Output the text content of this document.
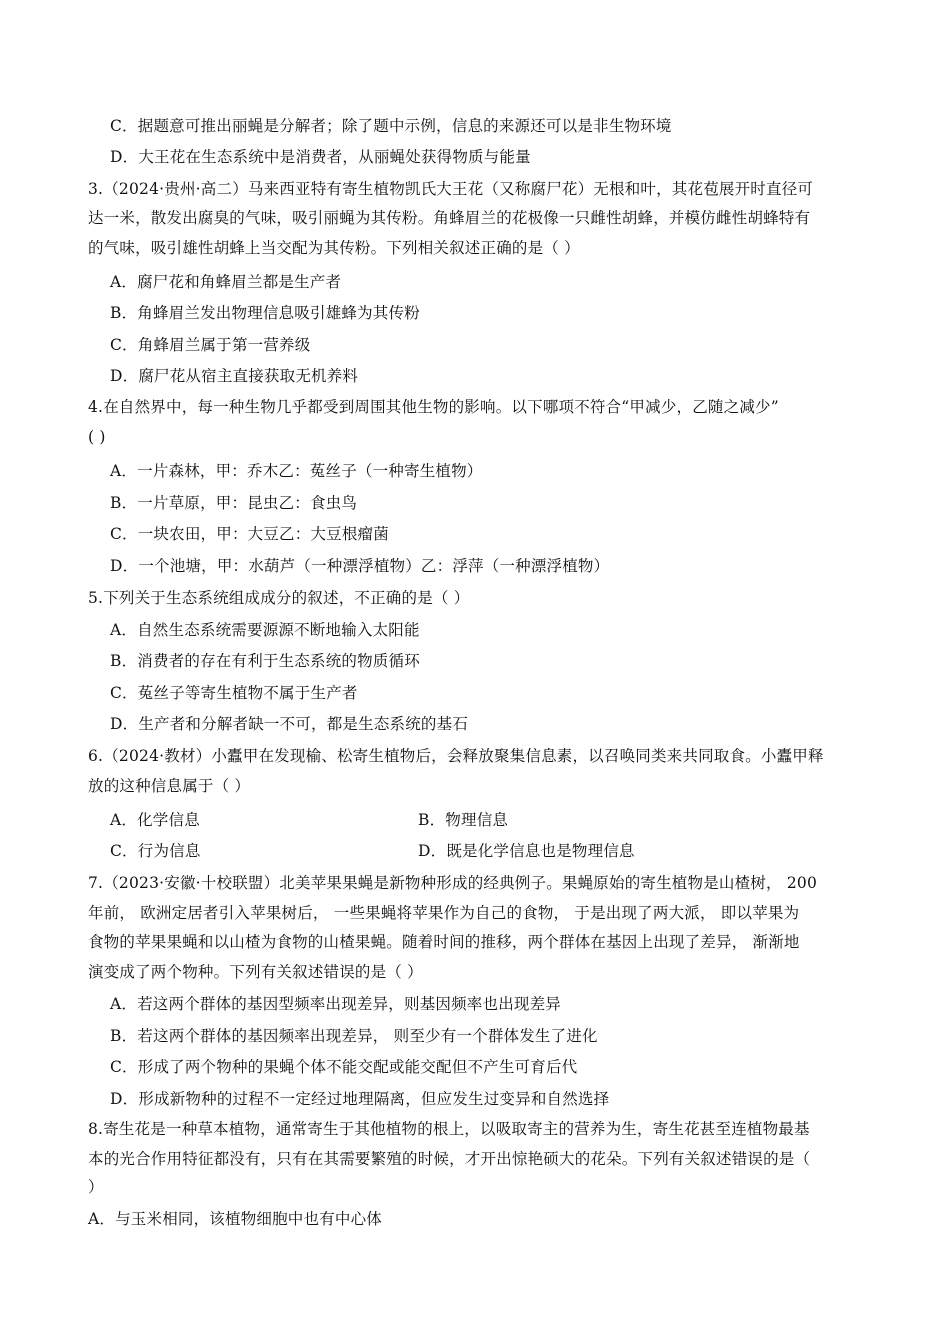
C．据题意可推出丽蝇是分解者；除了题中示例，信息的来源还可以是非生物环境
D．大王花在生态系统中是消费者，从丽蝇处获得物质与能量
3.（2024·贵州·高二）马来西亚特有寄生植物凯氏大王花（又称腐尸花）无根和叶，其花苞展开时直径可
达一米，散发出腐臭的气味，吸引丽蝇为其传粉。角蜂眉兰的花极像一只雌性胡蜂，并模仿雌性胡蜂特有
的气味，吸引雄性胡蜂上当交配为其传粉。下列相关叙述正确的是（ ）
A．腐尸花和角蜂眉兰都是生产者
B．角蜂眉兰发出物理信息吸引雄蜂为其传粉
C．角蜂眉兰属于第一营养级
D．腐尸花从宿主直接获取无机养料
4.在自然界中，每一种生物几乎都受到周围其他生物的影响。以下哪项不符合“甲减少，乙随之减少”
( )
A．一片森林，甲：乔木乙：菟丝子（一种寄生植物）
B．一片草原，甲：昆虫乙：食虫鸟
C．一块农田，甲：大豆乙：大豆根瘤菌
D．一个池塘，甲：水葫芦（一种漂浮植物）乙：浮萍（一种漂浮植物）
5.下列关于生态系统组成成分的叙述，不正确的是（ ）
A．自然生态系统需要源源不断地输入太阳能
B．消费者的存在有利于生态系统的物质循环
C．菟丝子等寄生植物不属于生产者
D．生产者和分解者缺一不可，都是生态系统的基石
6.（2024·教材）小蠹甲在发现榆、松寄生植物后，会释放聚集信息素，以召唤同类来共同取食。小蠹甲释
放的这种信息属于（ ）
A．化学信息	B．物理信息
C．行为信息	D．既是化学信息也是物理信息
7.（2023·安徽·十校联盟）北美苹果果蝇是新物种形成的经典例子。果蝇原始的寄生植物是山楂树， 200
年前， 欧洲定居者引入苹果树后， 一些果蝇将苹果作为自己的食物， 于是出现了两大派， 即以苹果为
食物的苹果果蝇和以山楂为食物的山楂果蝇。随着时间的推移，两个群体在基因上出现了差异， 渐渐地
演变成了两个物种。下列有关叙述错误的是（ ）
A．若这两个群体的基因型频率出现差异，则基因频率也出现差异
B．若这两个群体的基因频率出现差异， 则至少有一个群体发生了进化
C．形成了两个物种的果蝇个体不能交配或能交配但不产生可育后代
D．形成新物种的过程不一定经过地理隔离，但应发生过变异和自然选择
8.寄生花是一种草本植物，通常寄生于其他植物的根上，以吸取寄主的营养为生，寄生花甚至连植物最基
本的光合作用特征都没有，只有在其需要繁殖的时候，才开出惊艳硕大的花朵。下列有关叙述错误的是（
）
A．与玉米相同，该植物细胞中也有中心体
